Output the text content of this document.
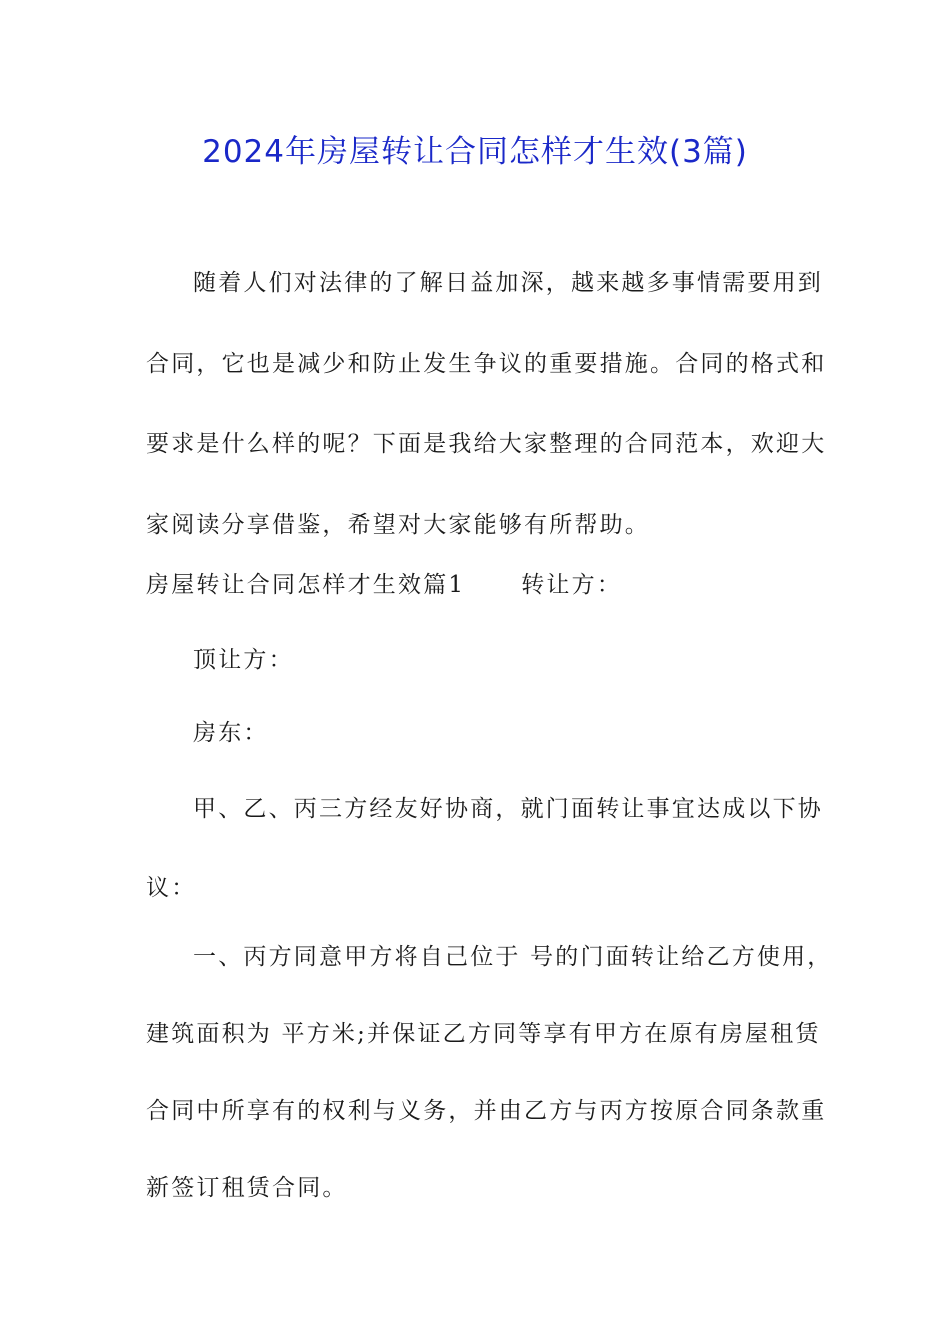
2024年房屋转让合同怎样才生效(3篇)
随着人们对法律的了解日益加深，越来越多事情需要用到
合同，它也是减少和防止发生争议的重要措施。合同的格式和
要求是什么样的呢？下面是我给大家整理的合同范本，欢迎大
家阅读分享借鉴，希望对大家能够有所帮助。
房屋转让合同怎样才生效篇1 转让方：
顶让方：
房东：
甲、乙、丙三方经友好协商，就门面转让事宜达成以下协
议：
一、丙方同意甲方将自己位于 号的门面转让给乙方使用，
建筑面积为 平方米;并保证乙方同等享有甲方在原有房屋租赁
合同中所享有的权利与义务，并由乙方与丙方按原合同条款重
新签订租赁合同。
